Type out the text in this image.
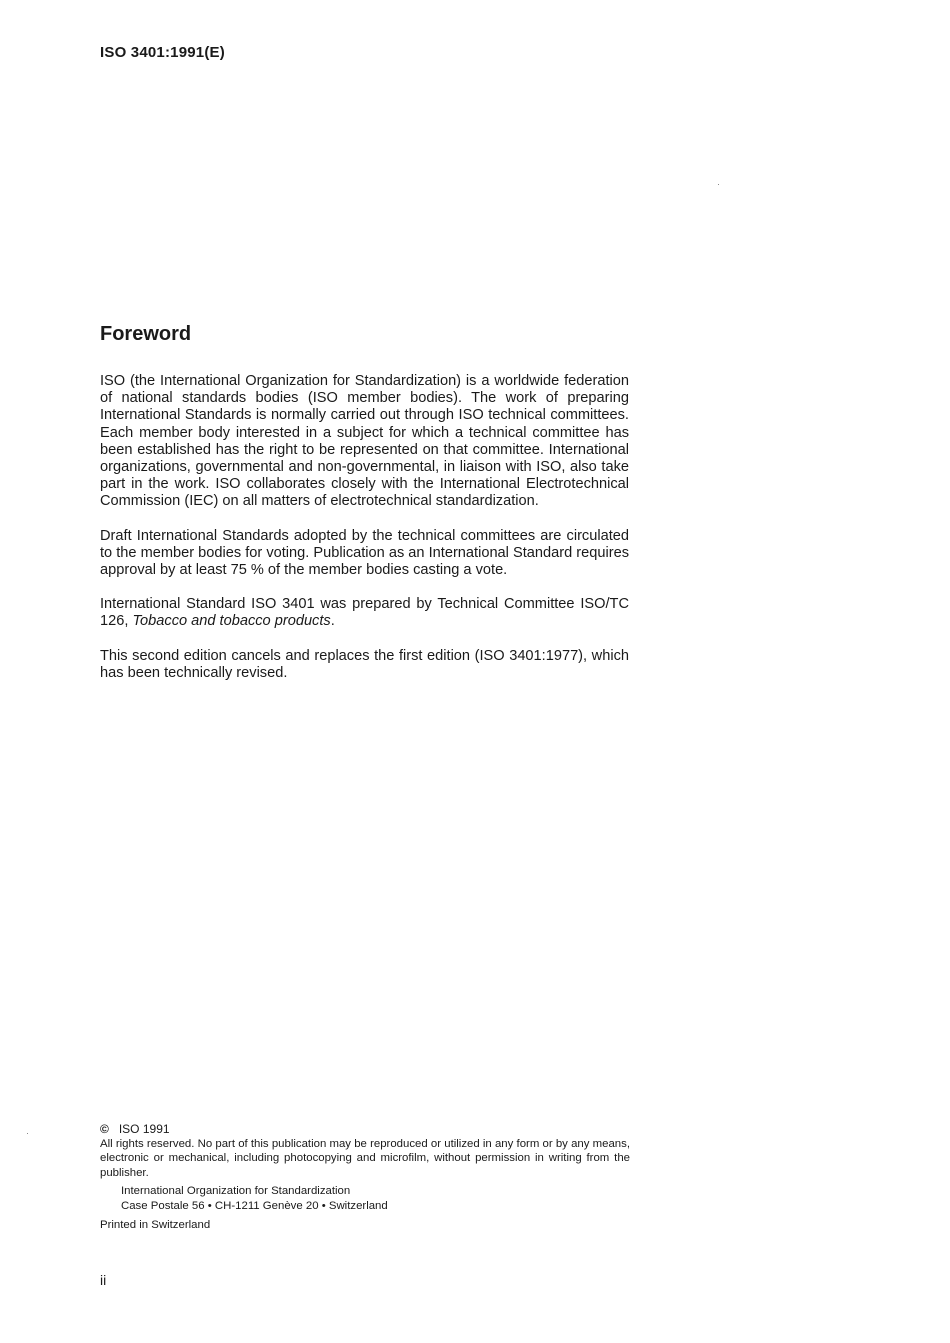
ISO 3401:1991(E)
Foreword

ISO (the International Organization for Standardization) is a worldwide federation of national standards bodies (ISO member bodies). The work of preparing International Standards is normally carried out through ISO technical committees. Each member body interested in a subject for which a technical committee has been established has the right to be represented on that committee. International organizations, governmental and non-governmental, in liaison with ISO, also take part in the work. ISO collaborates closely with the International Electrotechnical Commission (IEC) on all matters of electrotechnical standardization.

Draft International Standards adopted by the technical committees are circulated to the member bodies for voting. Publication as an International Standard requires approval by at least 75 % of the member bodies casting a vote.

International Standard ISO 3401 was prepared by Technical Committee ISO/TC 126, Tobacco and tobacco products.

This second edition cancels and replaces the first edition (ISO 3401:1977), which has been technically revised.

© ISO 1991
All rights reserved. No part of this publication may be reproduced or utilized in any form or by any means, electronic or mechanical, including photocopying and microfilm, without permission in writing from the publisher.
International Organization for Standardization
Case Postale 56 • CH-1211 Genève 20 • Switzerland
Printed in Switzerland
ii
